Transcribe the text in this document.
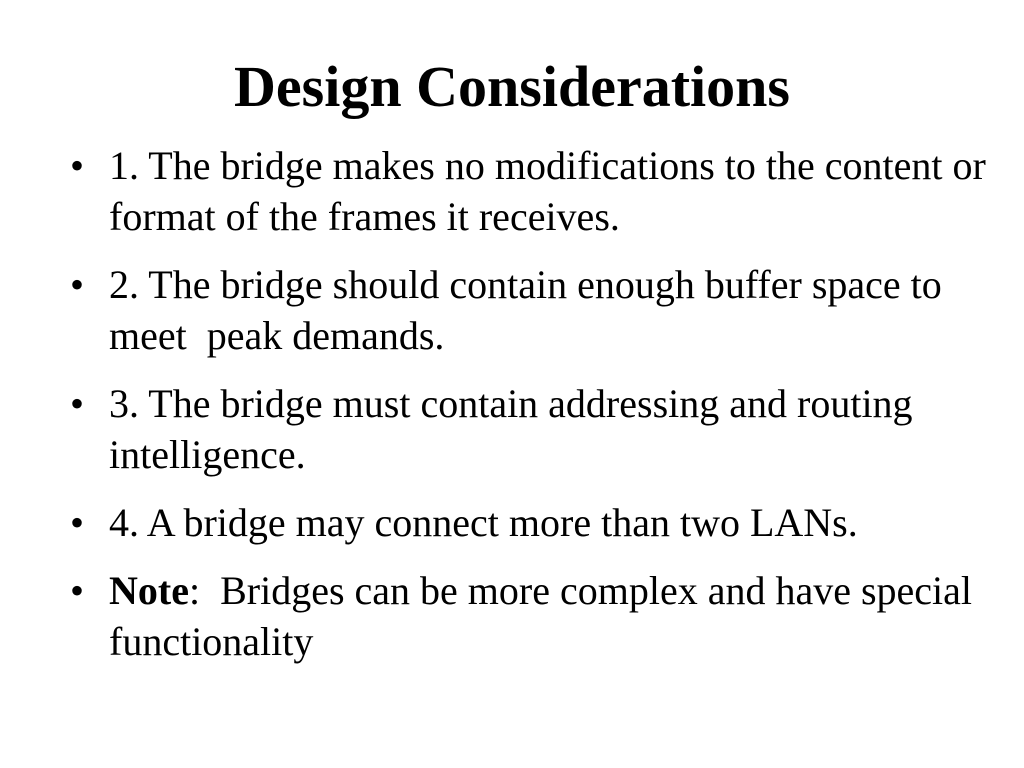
Design Considerations
• 1. The bridge makes no modifications to the content or format of the frames it receives.
• 2. The bridge should contain enough buffer space to meet  peak demands.
• 3. The bridge must contain addressing and routing intelligence.
• 4. A bridge may connect more than two LANs.
• Note:  Bridges can be more complex and have special functionality
